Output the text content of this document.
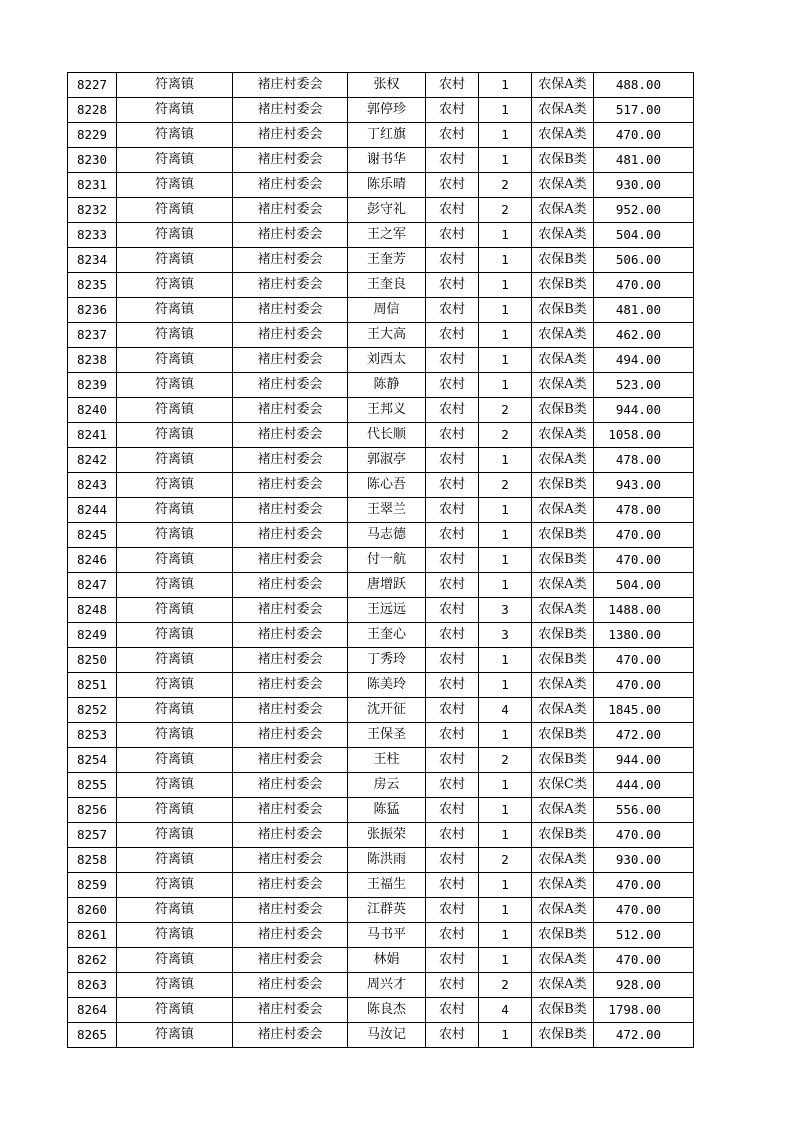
8227	符离镇	褚庄村委会	张权	农村	1	农保A类	488.00
8228	符离镇	褚庄村委会	郭停珍	农村	1	农保A类	517.00
8229	符离镇	褚庄村委会	丁红旗	农村	1	农保A类	470.00
8230	符离镇	褚庄村委会	谢书华	农村	1	农保B类	481.00
8231	符离镇	褚庄村委会	陈乐晴	农村	2	农保A类	930.00
8232	符离镇	褚庄村委会	彭守礼	农村	2	农保A类	952.00
8233	符离镇	褚庄村委会	王之军	农村	1	农保A类	504.00
8234	符离镇	褚庄村委会	王奎芳	农村	1	农保B类	506.00
8235	符离镇	褚庄村委会	王奎良	农村	1	农保B类	470.00
8236	符离镇	褚庄村委会	周信	农村	1	农保B类	481.00
8237	符离镇	褚庄村委会	王大高	农村	1	农保A类	462.00
8238	符离镇	褚庄村委会	刘西太	农村	1	农保A类	494.00
8239	符离镇	褚庄村委会	陈静	农村	1	农保A类	523.00
8240	符离镇	褚庄村委会	王邦义	农村	2	农保B类	944.00
8241	符离镇	褚庄村委会	代长顺	农村	2	农保A类	1058.00
8242	符离镇	褚庄村委会	郭淑亭	农村	1	农保A类	478.00
8243	符离镇	褚庄村委会	陈心吾	农村	2	农保B类	943.00
8244	符离镇	褚庄村委会	王翠兰	农村	1	农保A类	478.00
8245	符离镇	褚庄村委会	马志德	农村	1	农保B类	470.00
8246	符离镇	褚庄村委会	付一航	农村	1	农保B类	470.00
8247	符离镇	褚庄村委会	唐增跃	农村	1	农保A类	504.00
8248	符离镇	褚庄村委会	王远远	农村	3	农保A类	1488.00
8249	符离镇	褚庄村委会	王奎心	农村	3	农保B类	1380.00
8250	符离镇	褚庄村委会	丁秀玲	农村	1	农保B类	470.00
8251	符离镇	褚庄村委会	陈美玲	农村	1	农保A类	470.00
8252	符离镇	褚庄村委会	沈开征	农村	4	农保A类	1845.00
8253	符离镇	褚庄村委会	王保圣	农村	1	农保B类	472.00
8254	符离镇	褚庄村委会	王柱	农村	2	农保B类	944.00
8255	符离镇	褚庄村委会	房云	农村	1	农保C类	444.00
8256	符离镇	褚庄村委会	陈猛	农村	1	农保A类	556.00
8257	符离镇	褚庄村委会	张振荣	农村	1	农保B类	470.00
8258	符离镇	褚庄村委会	陈洪雨	农村	2	农保A类	930.00
8259	符离镇	褚庄村委会	王福生	农村	1	农保A类	470.00
8260	符离镇	褚庄村委会	江群英	农村	1	农保A类	470.00
8261	符离镇	褚庄村委会	马书平	农村	1	农保B类	512.00
8262	符离镇	褚庄村委会	林娟	农村	1	农保A类	470.00
8263	符离镇	褚庄村委会	周兴才	农村	2	农保A类	928.00
8264	符离镇	褚庄村委会	陈良杰	农村	4	农保B类	1798.00
8265	符离镇	褚庄村委会	马汝记	农村	1	农保B类	472.00
